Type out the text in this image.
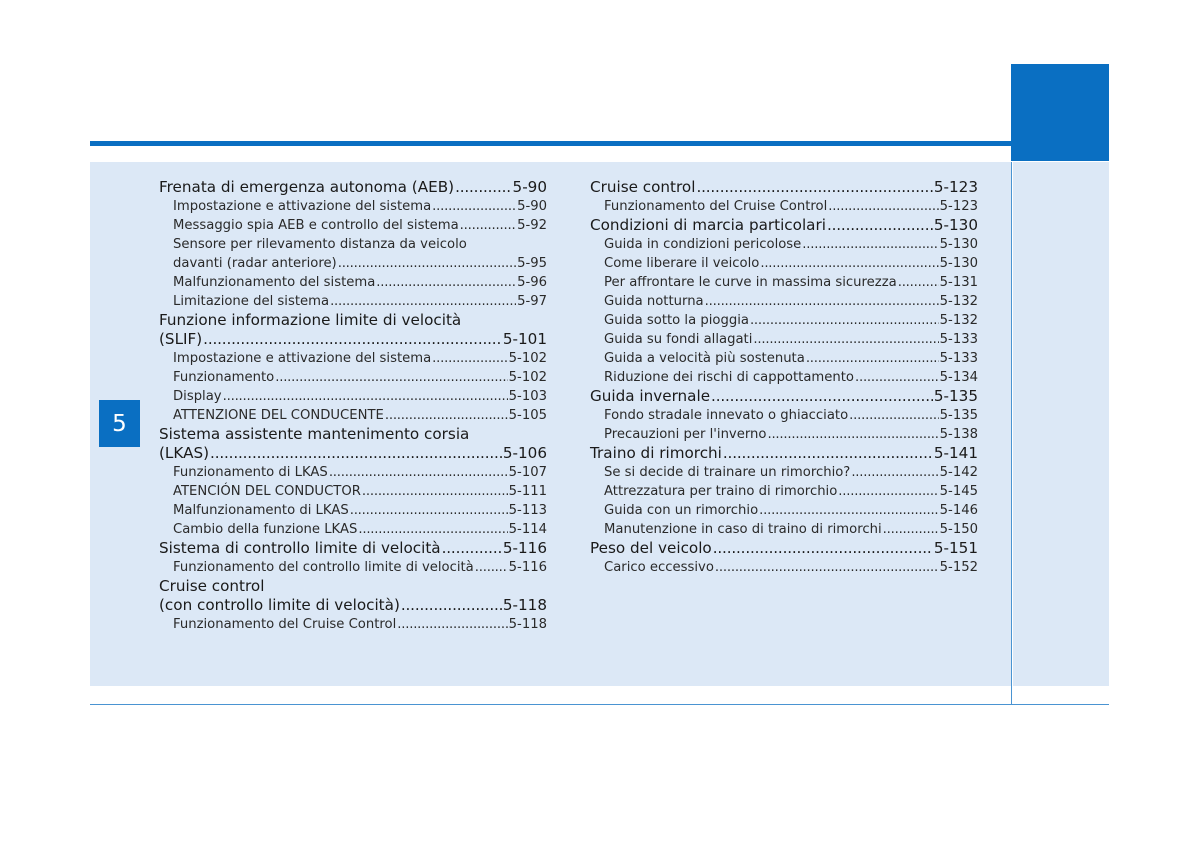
5
Frenata di emergenza autonoma (AEB) . . .	5-90
Impostazione e attivazione del sistema . . .	5-90
Messaggio spia AEB e controllo del sistema . . .	5-92
Sensore per rilevamento distanza da veicolo
davanti (radar anteriore) . . .	5-95
Malfunzionamento del sistema . . .	5-96
Limitazione del sistema . . .	5-97
Funzione informazione limite di velocità
(SLIF) . . .	5-101
Impostazione e attivazione del sistema . . .	5-102
Funzionamento . . .	5-102
Display . . .	5-103
ATTENZIONE DEL CONDUCENTE . . .	5-105
Sistema assistente mantenimento corsia
(LKAS) . . .	5-106
Funzionamento di LKAS . . .	5-107
ATENCIÓN DEL CONDUCTOR . . .	5-111
Malfunzionamento di LKAS . . .	5-113
Cambio della funzione LKAS . . .	5-114
Sistema di controllo limite di velocità . . .	5-116
Funzionamento del controllo limite di velocità . . .	5-116
Cruise control
(con controllo limite di velocità) . . .	5-118
Funzionamento del Cruise Control . . .	5-118
Cruise control . . .	5-123
Funzionamento del Cruise Control . . .	5-123
Condizioni di marcia particolari . . .	5-130
Guida in condizioni pericolose . . .	5-130
Come liberare il veicolo . . .	5-130
Per affrontare le curve in massima sicurezza . . .	5-131
Guida notturna . . .	5-132
Guida sotto la pioggia . . .	5-132
Guida su fondi allagati . . .	5-133
Guida a velocità più sostenuta . . .	5-133
Riduzione dei rischi di cappottamento . . .	5-134
Guida invernale . . .	5-135
Fondo stradale innevato o ghiacciato . . .	5-135
Precauzioni per l'inverno . . .	5-138
Traino di rimorchi . . .	5-141
Se si decide di trainare un rimorchio? . . .	5-142
Attrezzatura per traino di rimorchio . . .	5-145
Guida con un rimorchio . . .	5-146
Manutenzione in caso di traino di rimorchi . . .	5-150
Peso del veicolo . . .	5-151
Carico eccessivo . . .	5-152
